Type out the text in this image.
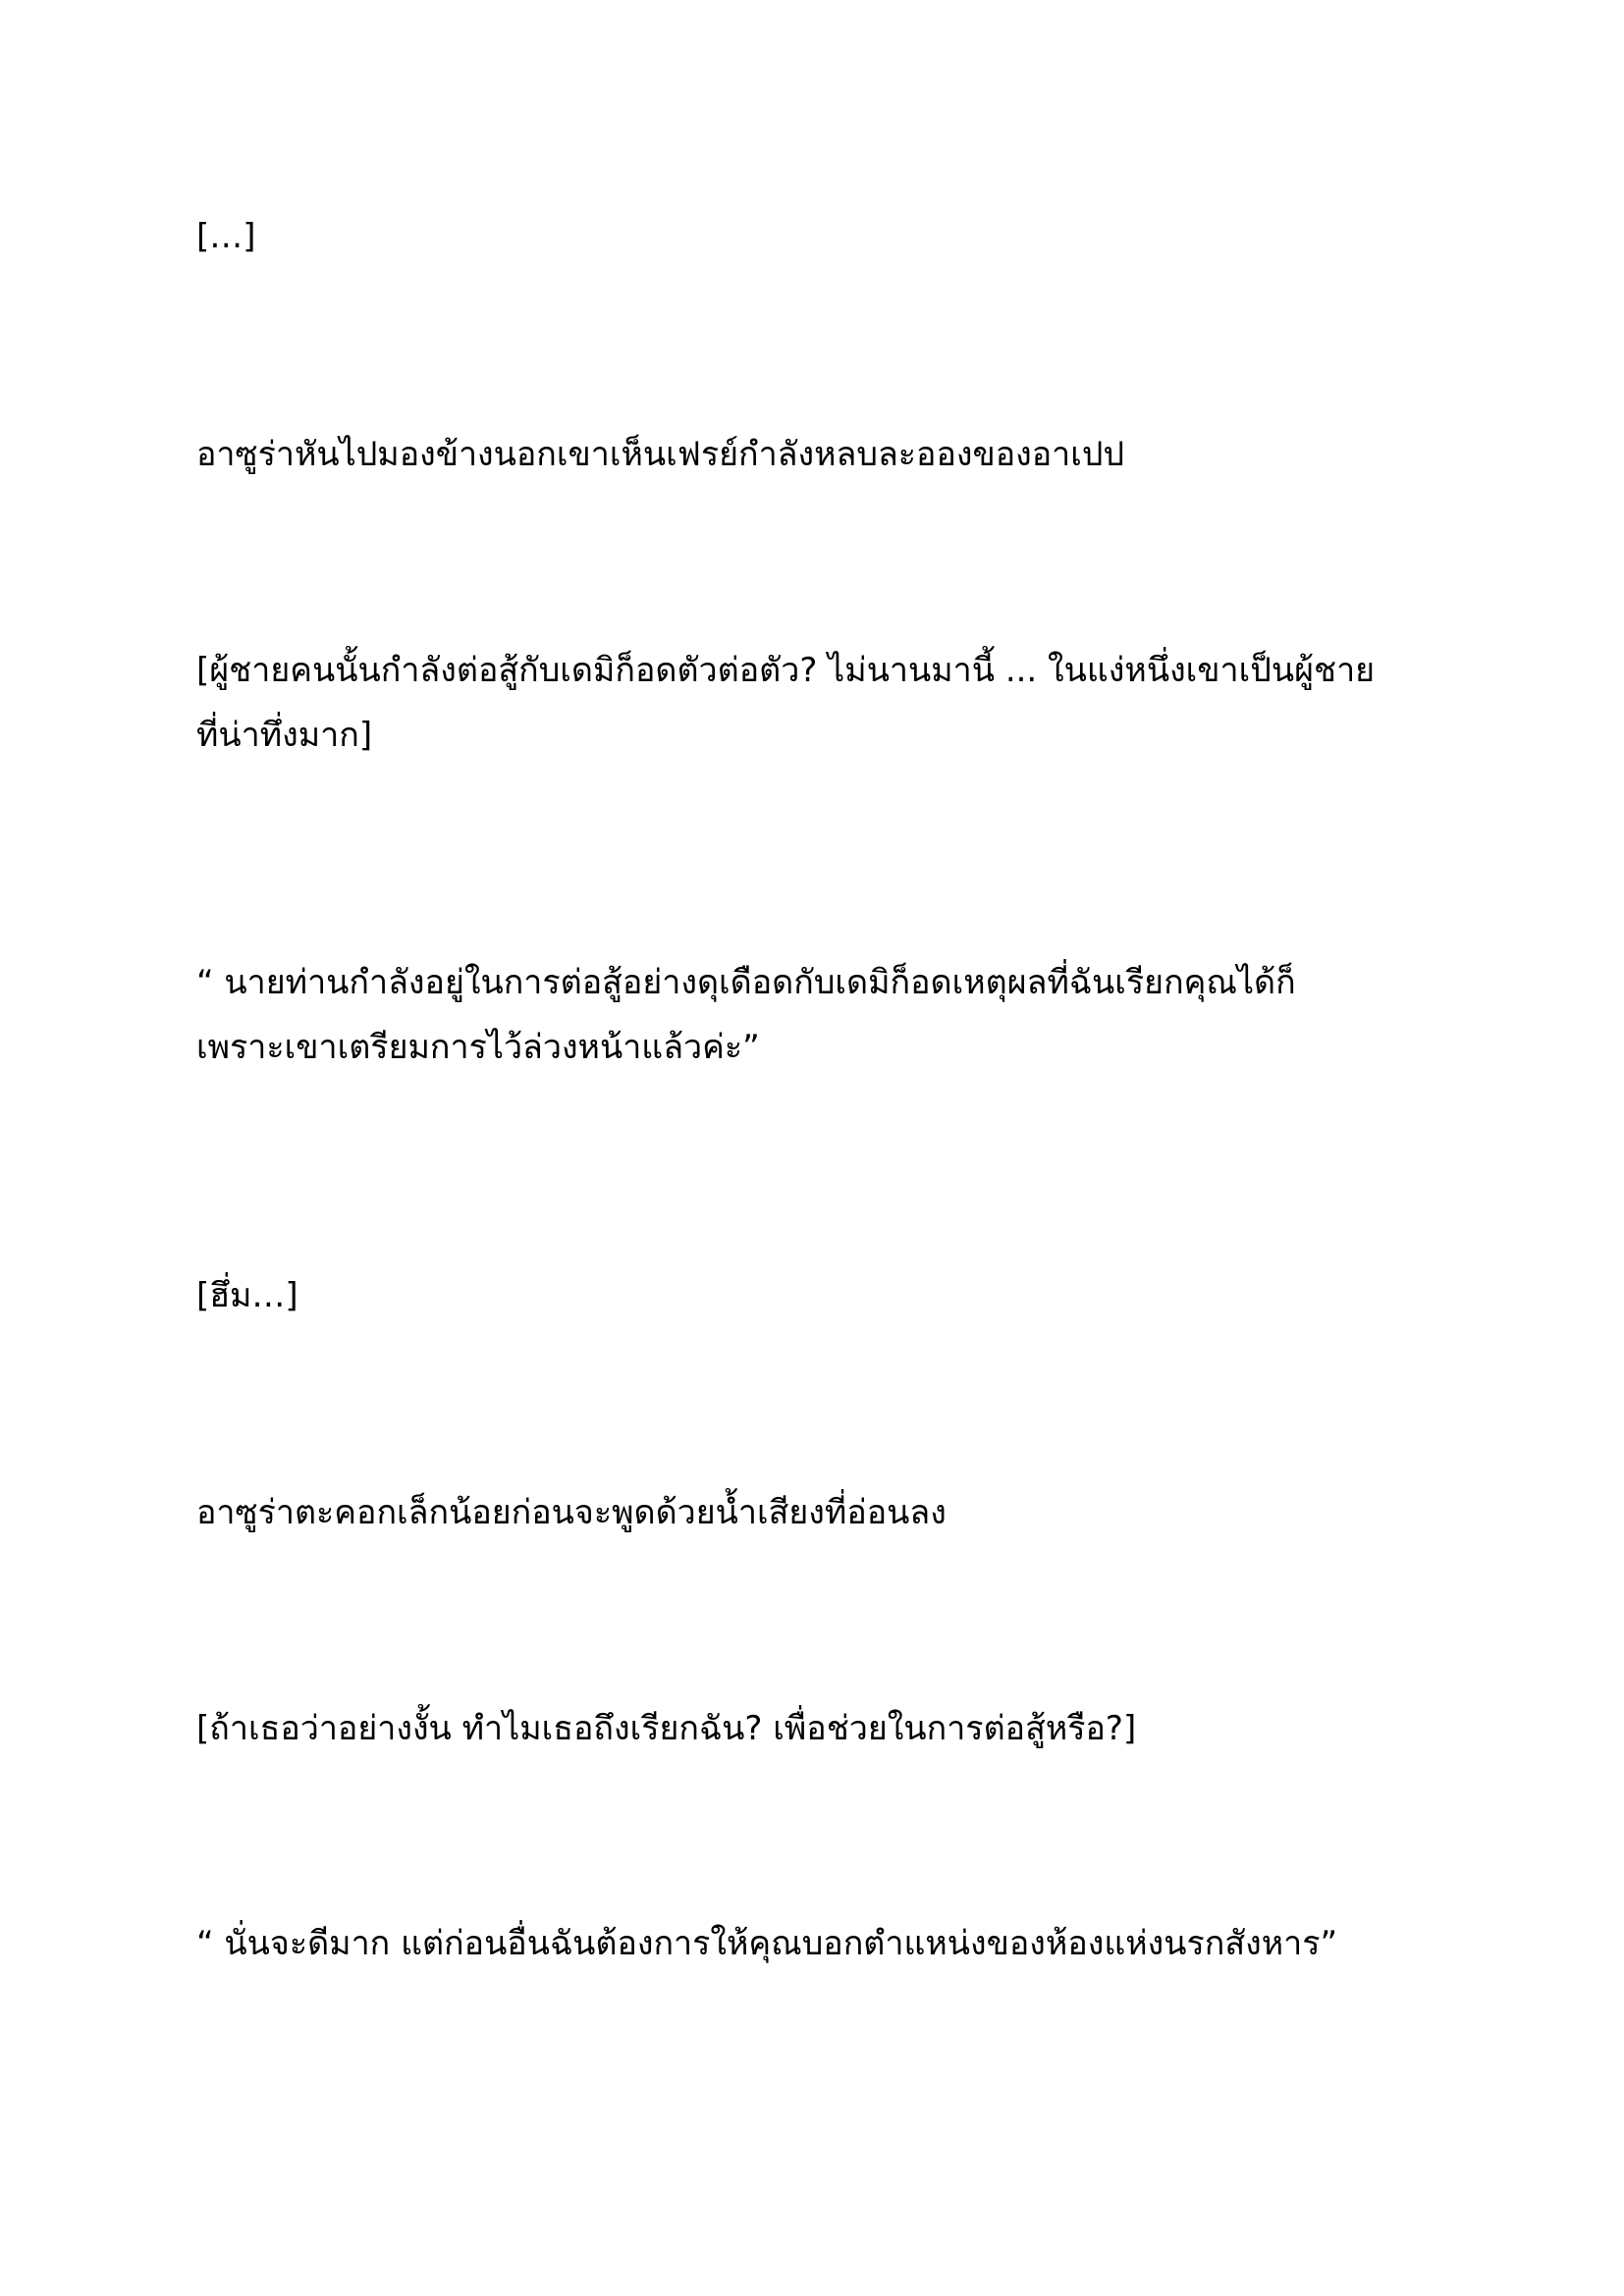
[…]

อาซูร่าหันไปมองข้างนอกเขาเห็นเฟรย์กำลังหลบละอองของอาเปป

[ผู้ชายคนนั้นกำลังต่อสู้กับเดมิก็อดตัวต่อตัว? ไม่นานมานี้ ... ในแง่หนึ่งเขาเป็นผู้ชาย
ที่น่าทึ่งมาก]

“ นายท่านกำลังอยู่ในการต่อสู้อย่างดุเดือดกับเดมิก็อดเหตุผลที่ฉันเรียกคุณได้ก็
เพราะเขาเตรียมการไว้ล่วงหน้าแล้วค่ะ”

[ฮึ่ม…]

อาซูร่าตะคอกเล็กน้อยก่อนจะพูดด้วยน้ำเสียงที่อ่อนลง

[ถ้าเธอว่าอย่างงั้น ทำไมเธอถึงเรียกฉัน? เพื่อช่วยในการต่อสู้หรือ?]

“ นั่นจะดีมาก แต่ก่อนอื่นฉันต้องการให้คุณบอกตำแหน่งของห้องแห่งนรกสังหาร”
